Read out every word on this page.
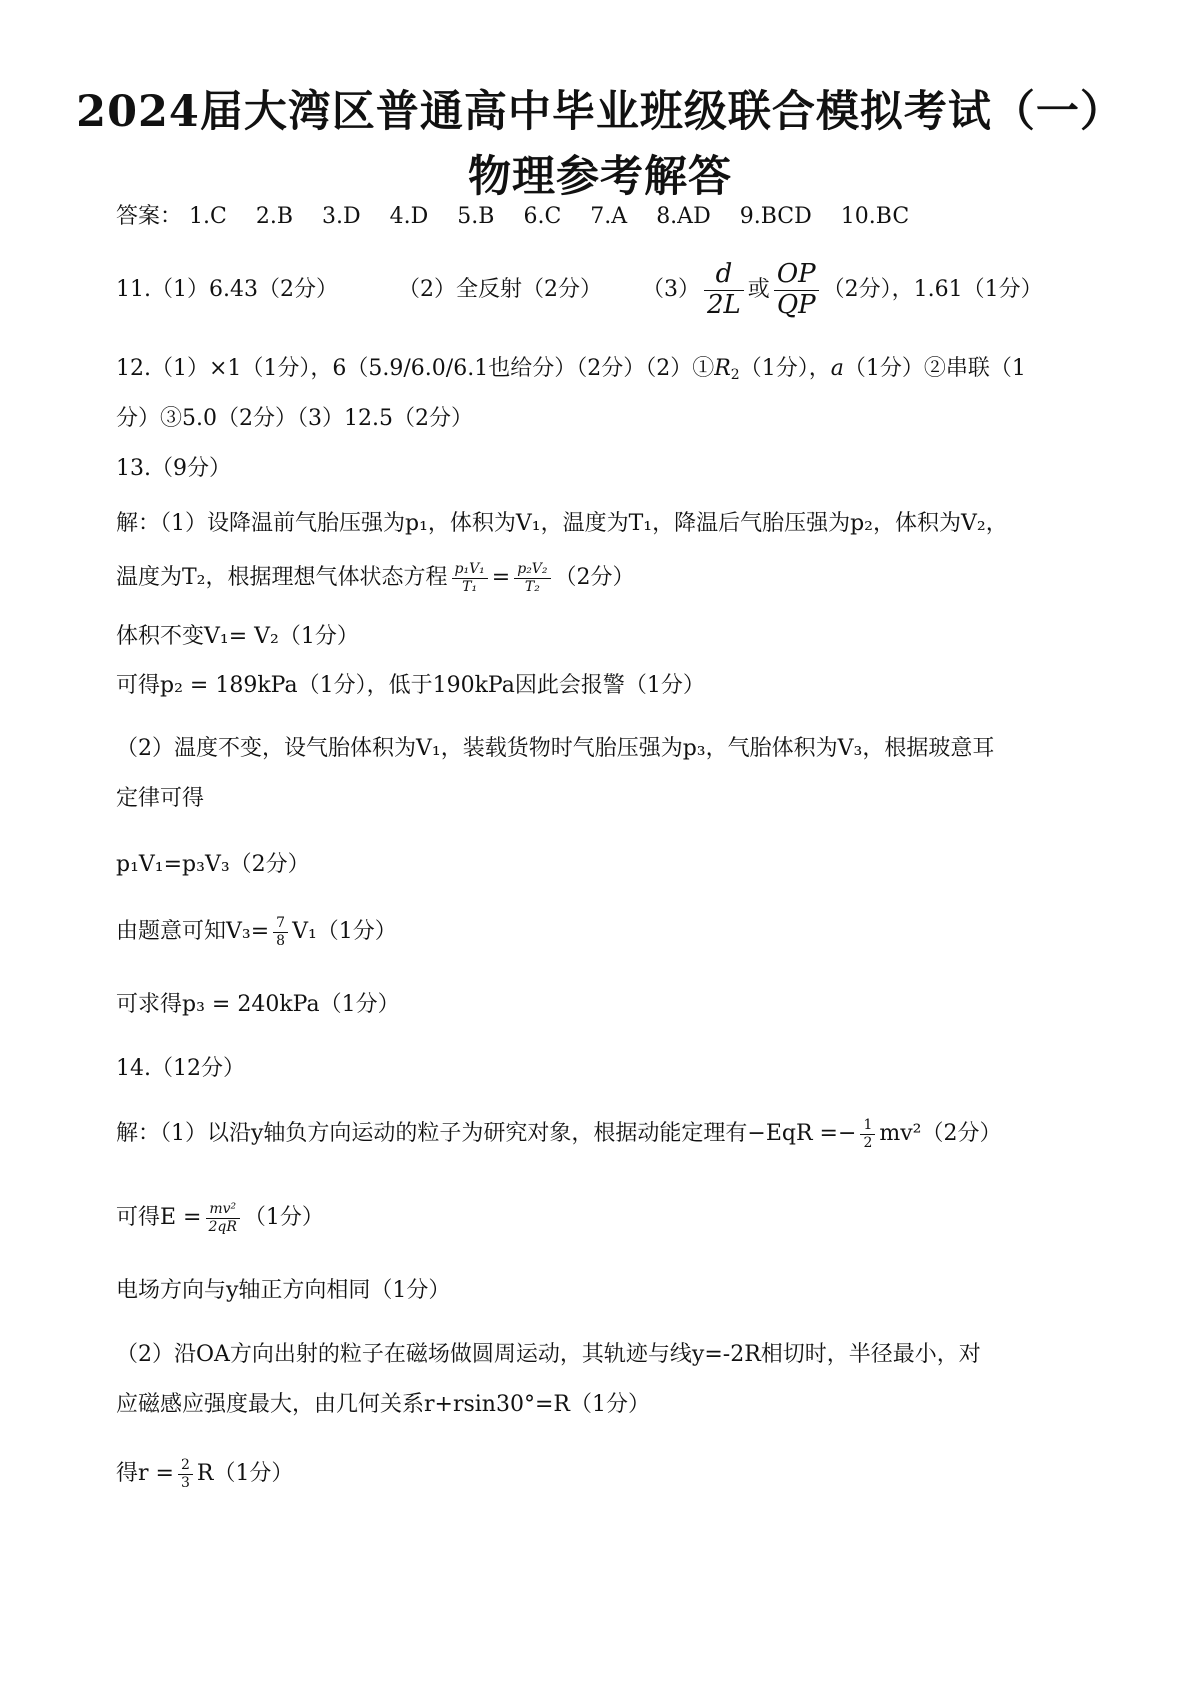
2024届大湾区普通高中毕业班级联合模拟考试（一）
物理参考解答
答案： 1.C 2.B 3.D 4.D 5.B 6.C 7.A 8.AD 9.BCD 10.BC
11. （1）6.43（2分）	（2）全反射（2分） $(3) \frac{d}{2L}$ 或 $\frac{OP}{QP} (2$分），1.61（1分）
12.（1）×1（1分），6（5.9/6.0/6.1也给分）（2分）$(2)①R_2(1$分），a（1分）②串联（1
分）③5.0（2分）（3）12.5（2分）
13.（9分）
解：（1）设降温前气胎压强为p₁，体积为V₁，温度为T₁，降温后气胎压强为p₂，体积为V₂，
温度为T₂，根据理想气体状态方程 $\frac{\text{p₁V₁}}{\text{T₁}} = \frac{\text{p₂V₂}}{\text{T₂}} (2$分）
体积不变V₁= V₂（1分）
可得p₂ = 189kPa（1分），低于190kPa因此会报警（1分）
（2）温度不变，设气胎体积为V₁，装载货物时气胎压强为p₃，气胎体积为V₃，根据玻意耳
定律可得
p₁V₁=p₃V₃（2分）
由题意可知$V_3= \frac{7}{8} V_1(1$分）
可求得p₃ = 240kPa（1分）
14.（12分）
解：（1）以沿y轴负方向运动的粒子为研究对象，根据动能定理有$-EqR =- \frac{1}{2} mv^2(2$分）
可得$E = \frac{\text{mv²}}{2qR} (1$分）
电场方向与y轴正方向相同（1分）
（2）沿OA方向出射的粒子在磁场做圆周运动，其轨迹与线y=-2R相切时，半径最小，对
应磁感应强度最大，由几何关系r+rsin30°=R（1分）
得$r = \frac{2}{3} R(1$分）
